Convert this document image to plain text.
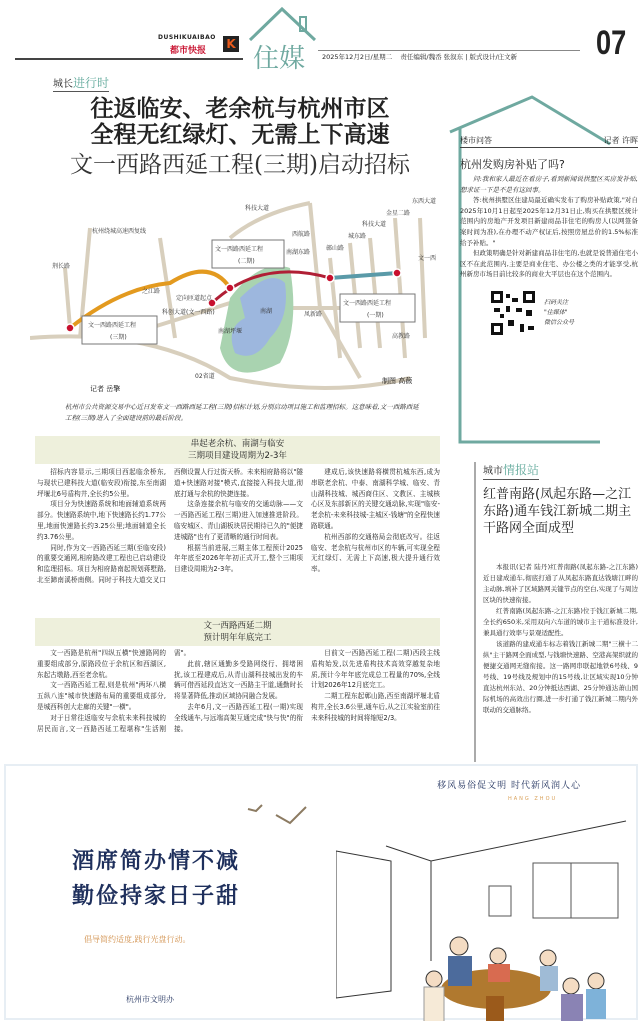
DUSHIKUAIBAO
都市快报 K 住媒	2025年12月2日/星期二 责任编辑/魏岙 张叙东 | 版式设计/庄文新 07
城长进行时
往返临安、老余杭与杭州市区
全程无红绿灯、无需上下高速
文一西路西延工程(三期)启动招标
文一西路西延工程
(三期)
文一西路西延工程
(二期)
文一西路西延工程
(一期)
科技大道
杭州绕城高速西复线
荆长路
之江路
科创大道(文一西路)
定向匝道起点
南湖
南湖东路
西航路
鄣山路
城东路
科技大道
金星二路
东西大道
文一西
凤新路
02省道
高教路
南湖坪堰
记者 岳擎
制图 高薇
杭州市公共资源交易中心近日发布文一西路西延工程(三期)招标计划,分别启动项目施工和监理招标。这意味着,文一西路西延工程(三期)进入了全面建设前的最后阶段。
串起老余杭、南湖与临安
三期项目建设周期为2-3年

招标内容显示,三期项目西起临余桥东,与现状已建科技大道(临安段)衔接,东至南湖坪堰北6号盾构井,全长约5公里。

项目分为快速路系统和地面辅道系统两部分。快速路系统中,地下快速路长约1.77公里,地面快速路长约3.25公里;地面辅道全长约3.76公里。

同时,作为文一西路西延三期(至临安段)的重要交通网,相府路改建工程也已启动建设和监理招标。项目为相府路南起规划蒋墅路,北至蹄南溪桥南侧。同时于科技大道交叉口西侧设置人行过街天桥。未来相府路将以"隧道+快速路对接"模式,直接接入科技大道,彻底打通与余杭的快捷连接。

这条连接余杭与临安的交通动脉——文一西路西延工程(三期)进入加速推进阶段。临安城区、青山湖板块居民期待已久的"便捷进城路"也有了更清晰的通行时间表。

根据当前进展,三期主体工程预计2025年年底至2026年年初正式开工,整个三期项目建设周期为2-3年。

建成后,该快速路将横贯杭城东西,成为串联老余杭、中泰、南湖科学城、临安、青山湖科技城、城西商住区、文教区、主城核心区及东部新区的关键交通动脉,实现"临安-老余杭-未来科技城-主城区-钱塘"的全程快速路联通。

杭州西部的交通格局会彻底改写。往返临安、老余杭与杭州市区的车辆,可实现全程无红绿灯、无需上下高速,极大提升通行效率。

文一西路西延二期
预计明年年底完工

文一西路是杭州"四纵五横"快速路网的重要组成部分,原路段位于余杭区和西湖区,东起古墩路,西至老余杭。

文一西路西延工程,则是杭州"两环八横五纵八连"城市快速路布局的重要组成部分,是城西科创大走廊的关键"一横"。

对于日常往返临安与余杭未来科技城的居民而言,文一西路西延工程堪称"生活刚需"。

此前,辖区通勤多受路网绕行、拥堵困扰,该工程建成后,从青山湖科技城出发的车辆可借西延段直达文一西路主干道,通勤时长将显著降低,推动区域协同融合发展。

去年6月,文一西路西延工程(一期)实现全线通车,与远端高架互通完成"快与快"的衔接。

目前文一西路西延工程(二期)西段主线盾构始发,以先进盾构技术高效穿越复杂地质,预计今年年底完成总工程量的70%,全线计划2026年12月底完工。

二期工程东起鄣山路,西至南湖坪堰北盾构井,全长3.6公里,通车后,从之江实验室前往未来科技城的时间将缩短2/3。

楼市问答	记者 许晖
杭州发购房补贴了吗?

问:我和家人最近在看房子,看到新闻说拱墅区买房发补贴,想求证一下是不是有这回事。

答:杭州拱墅区住建局最近确实发布了购房补贴政策,"对自2025年10月1日起至2025年12月31日止,购买在拱墅区统计范围内的房地产开发项目新建商品非住宅的购房人(以网签备案时间为准),在办理不动产权证后,按照房屋总价的1.5%标准给予补贴。"

但政策明确是针对新建商品非住宅的,也就是说普通住宅小区不在此范围内,主要是商业住宅、办公楼之类的才能享受,杭州新房市场目前比较多的商业大平层也在这个范围内。

扫码关注
"住媒体"
微信公众号
城市情报站
红普南路(凤起东路—之江东路)通车钱江新城二期主干路网全面成型

本报讯(记者 陆丹)红普南路(凤起东路-之江东路)近日建成通车,彻底打通了从凤起东路直达钱塘江畔的主动脉,填补了区域路网关键节点的空白,实现了与周边区块的快速衔接。

红普南路(凤起东路-之江东路)位于钱江新城二期,全长约650米,采用双向六车道的城市主干道标准设计,兼具通行效率与景观适配性。

该道路的建成通车标志着钱江新城二期"三横十二纵"主干路网全面成型,与钱塘快速路、空港高架织就的便捷交通网无缝衔接。这一路网串联起地铁6号线、9号线、19号线及规划中的15号线,让区域实现10分钟直达杭州东站、20分钟抵达西湖、25分钟通达萧山国际机场的高效出行圈,进一步打通了钱江新城二期内外联动的交通脉络。

移风易俗促文明 时代新风润人心
HANG ZHOU
酒席简办情不减
勤俭持家日子甜
倡导简约适度,践行光盘行动。
杭州市文明办
